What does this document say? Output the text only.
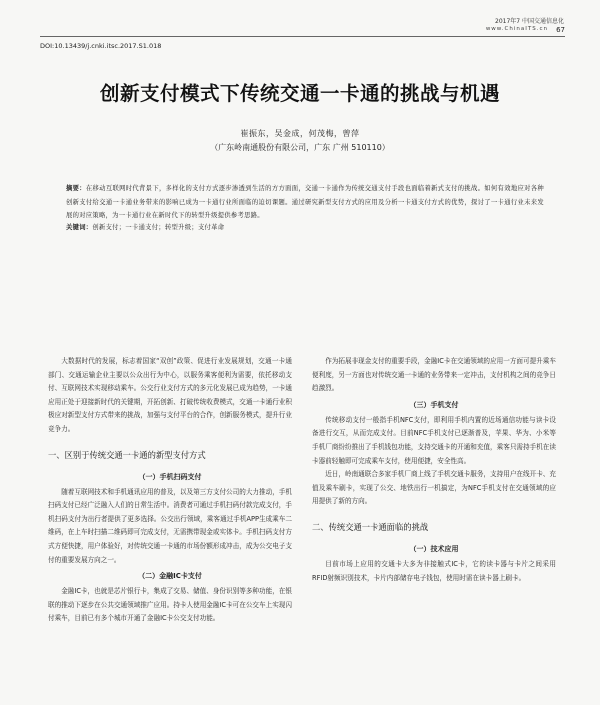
2017年7 中国交通信息化
www.ChinaITS.cn 67
DOI:10.13439/j.cnki.itsc.2017.S1.018
创新支付模式下传统交通一卡通的挑战与机遇
崔振东，吴金成，何茂梅，曾萍
（广东岭南通股份有限公司，广东 广州 510110）
摘要：在移动互联网时代背景下，多样化的支付方式逐步渗透到生活的方方面面，交通一卡通作为传统交通支付手段也面临着新式支付的挑战。如何有效地应对各种创新支付给交通一卡通业务带来的影响已成为一卡通行业所面临的迫切课题。通过研究新型支付方式的应用及分析一卡通支付方式的优势，探讨了一卡通行业未来发展的对应策略，为一卡通行业在新时代下的转型升级提供参考思路。
关键词：创新支付；一卡通支付；转型升级；支付革命

大数据时代的发展，标志着国家“双创”政策、促进行业发展规划，交通一卡通部门、交通运输企业主要以公众出行为中心，以服务乘客便利为需要，依托移动支付、互联网技术实现移动乘车。公交行业支付方式的多元化发展已成为趋势，一卡通应用正处于迎接新时代的关键期，开拓创新、打破传统收费模式，交通一卡通行业积极应对新型支付方式带来的挑战，加强与支付平台的合作，创新服务模式，提升行业竞争力。

一、区别于传统交通一卡通的新型支付方式
（一）手机扫码支付

随着互联网技术和手机通讯应用的普及，以及第三方支付公司的大力推动，手机扫码支付已经广泛融入人们的日常生活中。消费者可通过手机扫码付款完成支付，手机扫码支付为出行者提供了更多选择。公交出行领域，乘客通过手机APP生成乘车二维码，在上车时扫描二维码即可完成支付，无需携带现金或实体卡。手机扫码支付方式方便快捷，用户体验好，对传统交通一卡通的市场份额形成冲击，成为公交电子支付的重要发展方向之一。

（二）金融IC卡支付

金融IC卡，也就是芯片银行卡，集成了交易、储值、身份识别等多种功能，在银联的推动下逐步在公共交通领域推广应用。持卡人使用金融IC卡可在公交车上实现闪付乘车，目前已有多个城市开通了金融IC卡公交支付功能。

作为拓展非现金支付的重要手段，金融IC卡在交通领域的应用一方面可提升乘车便利度，另一方面也对传统交通一卡通的业务带来一定冲击，支付机构之间的竞争日趋激烈。

（三）手机支付

传统移动支付一般指手机NFC支付，即利用手机内置的近场通信功能与读卡设备进行交互，从而完成支付。目前NFC手机支付已逐渐普及，苹果、华为、小米等手机厂商纷纷推出了手机钱包功能，支持交通卡的开通和充值，乘客只需持手机在读卡器前轻触即可完成乘车支付，使用便捷，安全性高。

近日，岭南通联合多家手机厂商上线了手机交通卡服务，支持用户在线开卡、充值及乘车刷卡，实现了公交、地铁出行一机搞定，为NFC手机支付在交通领域的应用提供了新的方向。

二、传统交通一卡通面临的挑战
（一）技术应用

目前市场上应用的交通卡大多为非接触式IC卡，它的读卡器与卡片之间采用RFID射频识别技术，卡片内部储存电子钱包，使用时需在读卡器上刷卡。
